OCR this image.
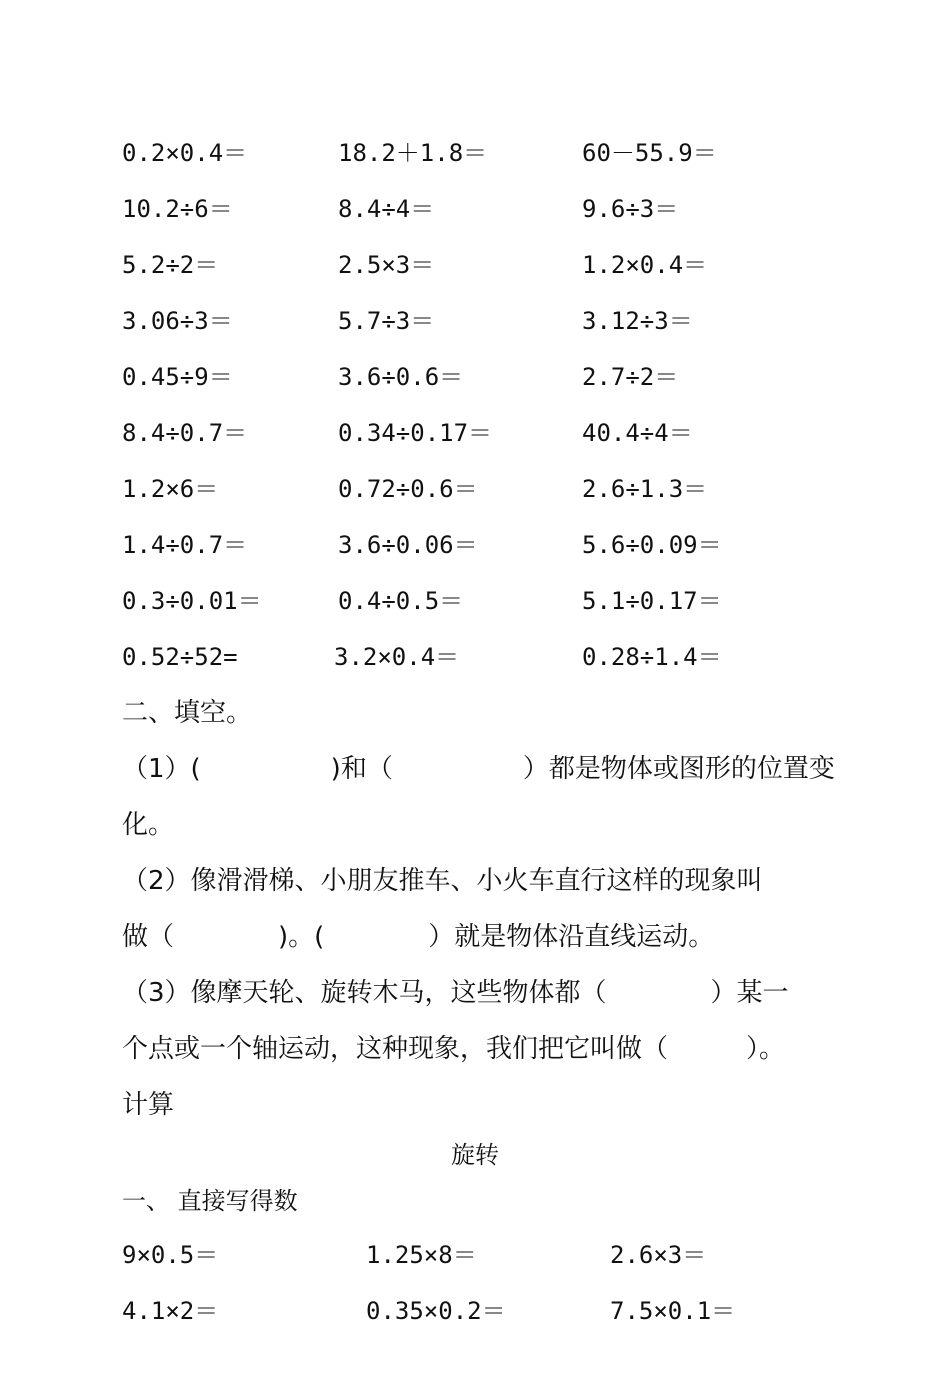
0.2×0.4＝	18.2＋1.8＝	60－55.9＝
10.2÷6＝	8.4÷4＝	9.6÷3＝
5.2÷2＝	2.5×3＝	1.2×0.4＝
3.06÷3＝	5.7÷3＝	3.12÷3＝
0.45÷9＝	3.6÷0.6＝	2.7÷2＝
8.4÷0.7＝	0.34÷0.17＝	40.4÷4＝
1.2×6＝	0.72÷0.6＝	2.6÷1.3＝
1.4÷0.7＝	3.6÷0.06＝	5.6÷0.09＝
0.3÷0.01＝	0.4÷0.5＝	5.1÷0.17＝
0.52÷52=	3.2×0.4＝	0.28÷1.4＝
二、填空。
（1）(　　　　　)和（　　　　　）都是物体或图形的位置变
化。
（2）像滑滑梯、小朋友推车、小火车直行这样的现象叫
做（　　　　)。(　　　　）就是物体沿直线运动。
（3）像摩天轮、旋转木马，这些物体都（　　　　）某一
个点或一个轴运动，这种现象，我们把它叫做（　　　）。
计算
旋转
一、 直接写得数
9×0.5＝	1.25×8＝	2.6×3＝
4.1×2＝	0.35×0.2＝	7.5×0.1＝
